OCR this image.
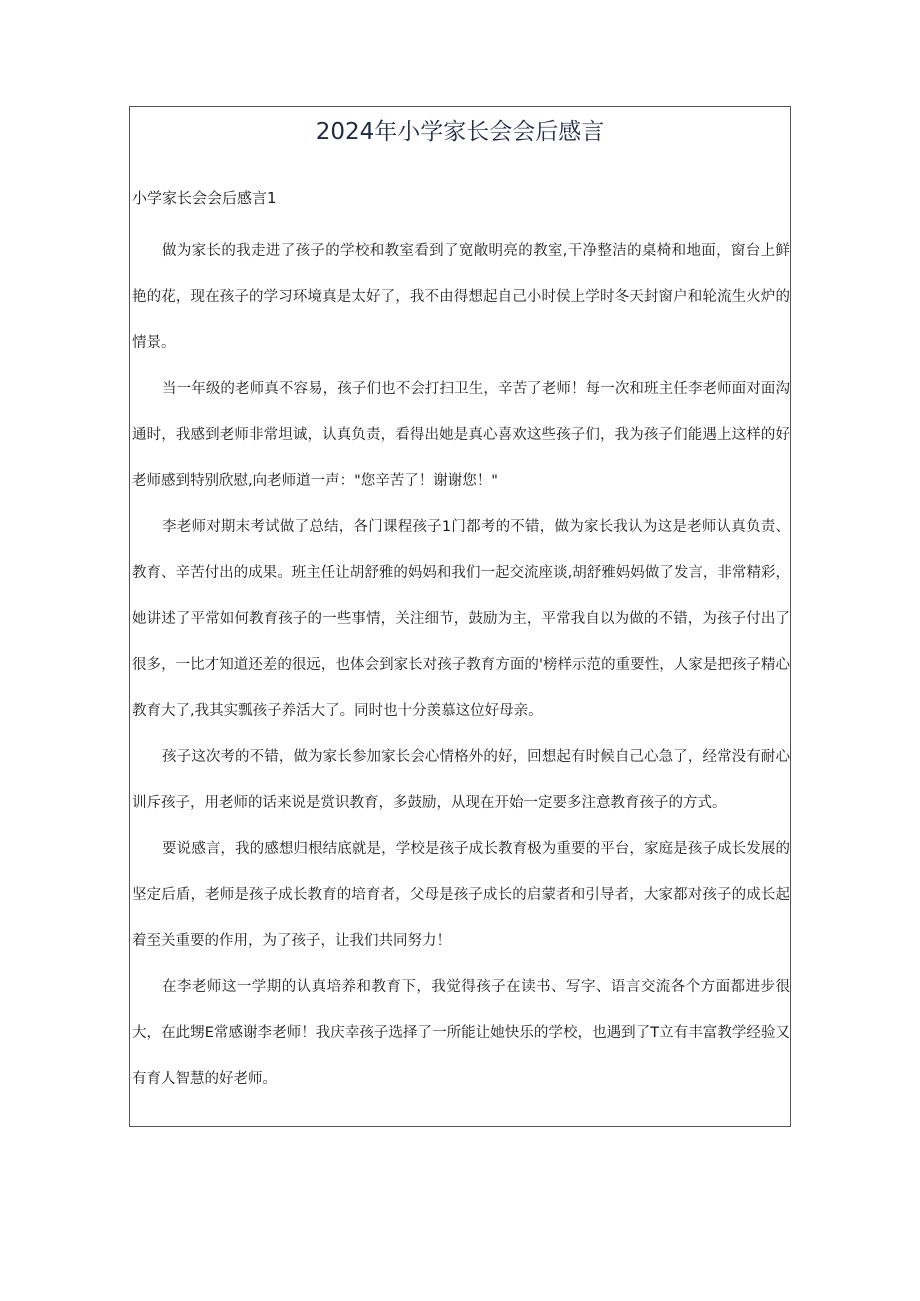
2024年小学家长会会后感言
小学家长会会后感言1

做为家长的我走进了孩子的学校和教室看到了宽敞明亮的教室,干净整洁的桌椅和地面，窗台上鲜艳的花，现在孩子的学习环境真是太好了，我不由得想起自己小时侯上学时冬天封窗户和轮流生火炉的情景。

当一年级的老师真不容易，孩子们也不会打扫卫生，辛苦了老师！每一次和班主任李老师面对面沟通时，我感到老师非常坦诚，认真负责，看得出她是真心喜欢这些孩子们，我为孩子们能遇上这样的好老师感到特别欣慰,向老师道一声："您辛苦了！谢谢您！"

李老师对期末考试做了总结，各门课程孩子1门都考的不错，做为家长我认为这是老师认真负责、教育、辛苦付出的成果。班主任让胡舒雅的妈妈和我们一起交流座谈,胡舒雅妈妈做了发言，非常精彩，她讲述了平常如何教育孩子的一些事情，关注细节，鼓励为主，平常我自以为做的不错，为孩子付出了很多，一比才知道还差的很远，也体会到家长对孩子教育方面的'榜样示范的重要性，人家是把孩子精心教育大了,我其实瓢孩子养活大了。同时也十分羡慕这位好母亲。

孩子这次考的不错，做为家长参加家长会心情格外的好，回想起有时候自己心急了，经常没有耐心训斥孩子，用老师的话来说是赏识教育，多鼓励，从现在开始一定要多注意教育孩子的方式。

要说感言，我的感想归根结底就是，学校是孩子成长教育极为重要的平台，家庭是孩子成长发展的坚定后盾，老师是孩子成长教育的培育者，父母是孩子成长的启蒙者和引导者，大家都对孩子的成长起着至关重要的作用，为了孩子，让我们共同努力！

在李老师这一学期的认真培养和教育下，我觉得孩子在读书、写字、语言交流各个方面都进步很大，在此甥E常感谢李老师！我庆幸孩子选择了一所能让她快乐的学校，也遇到了T立有丰富教学经验又有育人智慧的好老师。
